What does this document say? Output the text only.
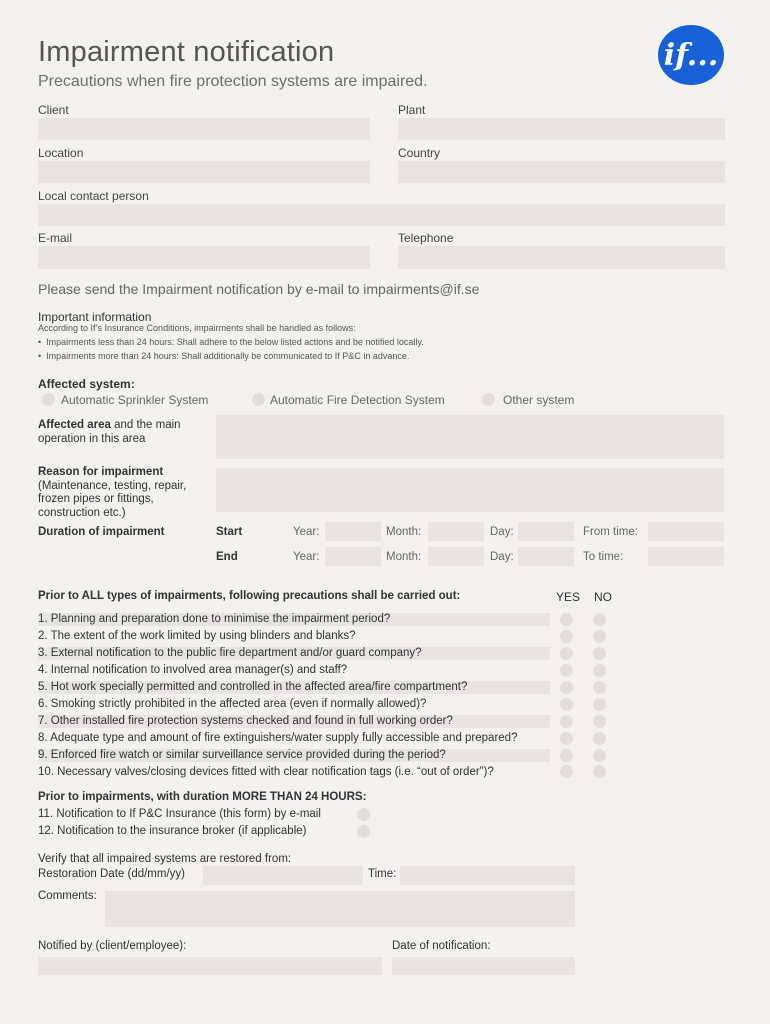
Impairment notification
Precautions when fire protection systems are impaired.
if...
Client	Plant
Location	Country
Local contact person
E-mail	Telephone
Please send the Impairment notification by e-mail to impairments@if.se
Important information
According to If’s Insurance Conditions, impairments shall be handled as follows:
•  Impairments less than 24 hours: Shall adhere to the below listed actions and be notified locally.
•  Impairments more than 24 hours: Shall additionally be communicated to If P&C in advance.
Affected system:
Automatic Sprinkler System	Automatic Fire Detection System	Other system
Affected area and the main operation in this area
Reason for impairment
(Maintenance, testing, repair, frozen pipes or fittings, construction etc.)
Duration of impairment	Start	Year:	Month:	Day:	From time:
End	Year:	Month:	Day:	To time:
Prior to ALL types of impairments, following precautions shall be carried out:	YES NO
1. Planning and preparation done to minimise the impairment period?
2. The extent of the work limited by using blinders and blanks?
3. External notification to the public fire department and/or guard company?
4. Internal notification to involved area manager(s) and staff?
5. Hot work specially permitted and controlled in the affected area/fire compartment?
6. Smoking strictly prohibited in the affected area (even if normally allowed)?
7. Other installed fire protection systems checked and found in full working order?
8. Adequate type and amount of fire extinguishers/water supply fully accessible and prepared?
9. Enforced fire watch or similar surveillance service provided during the period?
10. Necessary valves/closing devices fitted with clear notification tags (i.e. “out of order”)?
Prior to impairments, with duration MORE THAN 24 HOURS:
11. Notification to If P&C Insurance (this form) by e-mail
12. Notification to the insurance broker (if applicable)
Verify that all impaired systems are restored from:
Restoration Date (dd/mm/yy)	Time:
Comments:
Notified by (client/employee):	Date of notification:
